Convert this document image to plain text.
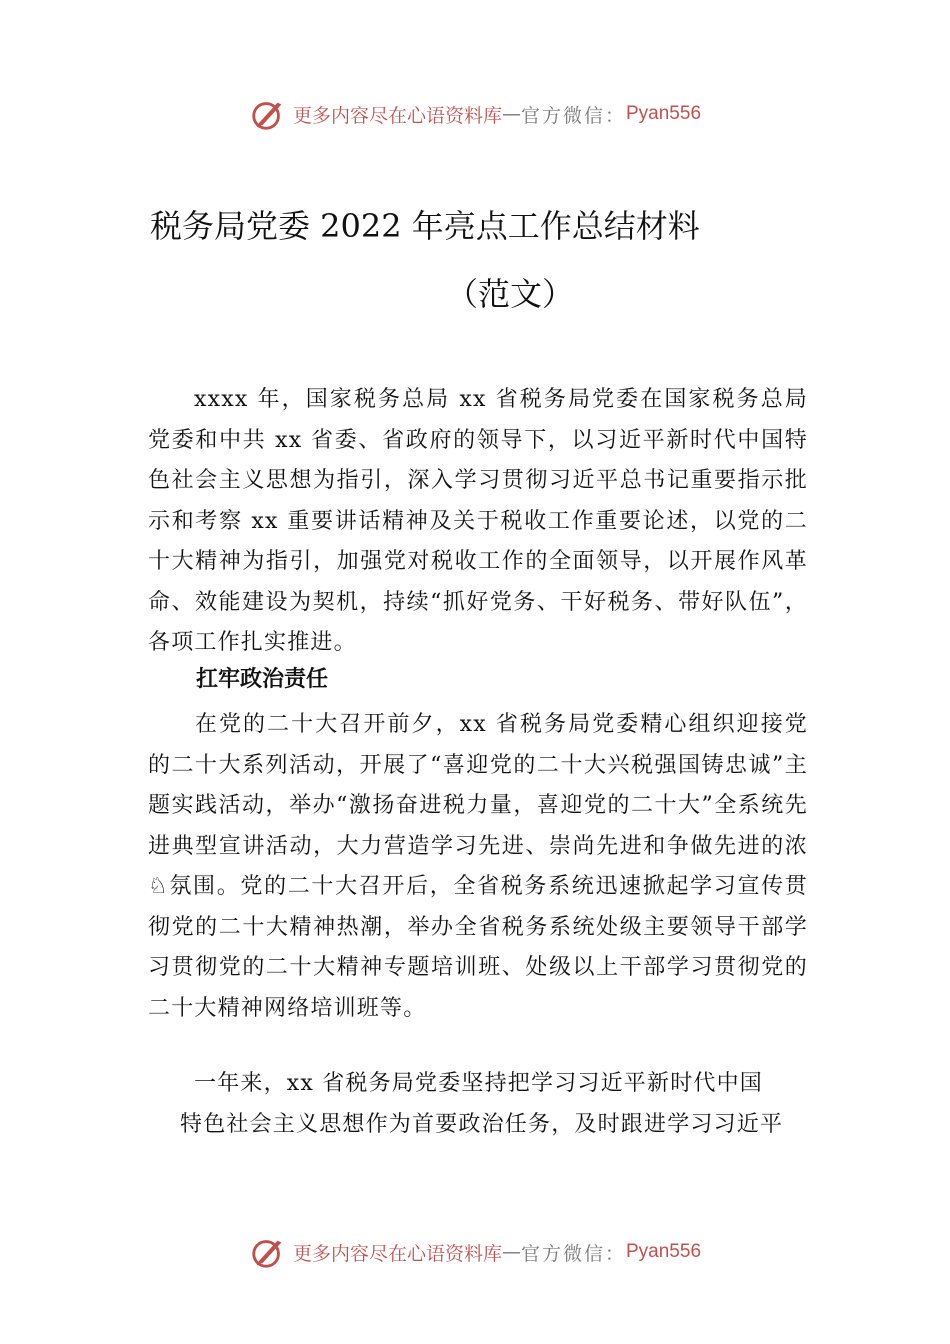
更多内容尽在心语资料库 — 官方微信： Pyan556
税务局党委 2022 年亮点工作总结材料
（范文）

xxxx 年，国家税务总局 xx 省税务局党委在国家税务总局党委和中共 xx 省委、省政府的领导下，以习近平新时代中国特色社会主义思想为指引，深入学习贯彻习近平总书记重要指示批示和考察 xx 重要讲话精神及关于税收工作重要论述，以党的二十大精神为指引，加强党对税收工作的全面领导，以开展作风革命、效能建设为契机，持续“抓好党务、干好税务、带好队伍”，各项工作扎实推进。

扛牢政治责任

在党的二十大召开前夕，xx 省税务局党委精心组织迎接党的二十大系列活动，开展了“喜迎党的二十大兴税强国铸忠诚”主题实践活动，举办“激扬奋进税力量，喜迎党的二十大”全系统先进典型宣讲活动，大力营造学习先进、崇尚先进和争做先进的浓♘氛围。党的二十大召开后，全省税务系统迅速掀起学习宣传贯彻党的二十大精神热潮，举办全省税务系统处级主要领导干部学习贯彻党的二十大精神专题培训班、处级以上干部学习贯彻党的二十大精神网络培训班等。

一年来，xx 省税务局党委坚持把学习习近平新时代中国
特色社会主义思想作为首要政治任务，及时跟进学习习近平

更多内容尽在心语资料库 — 官方微信： Pyan556
